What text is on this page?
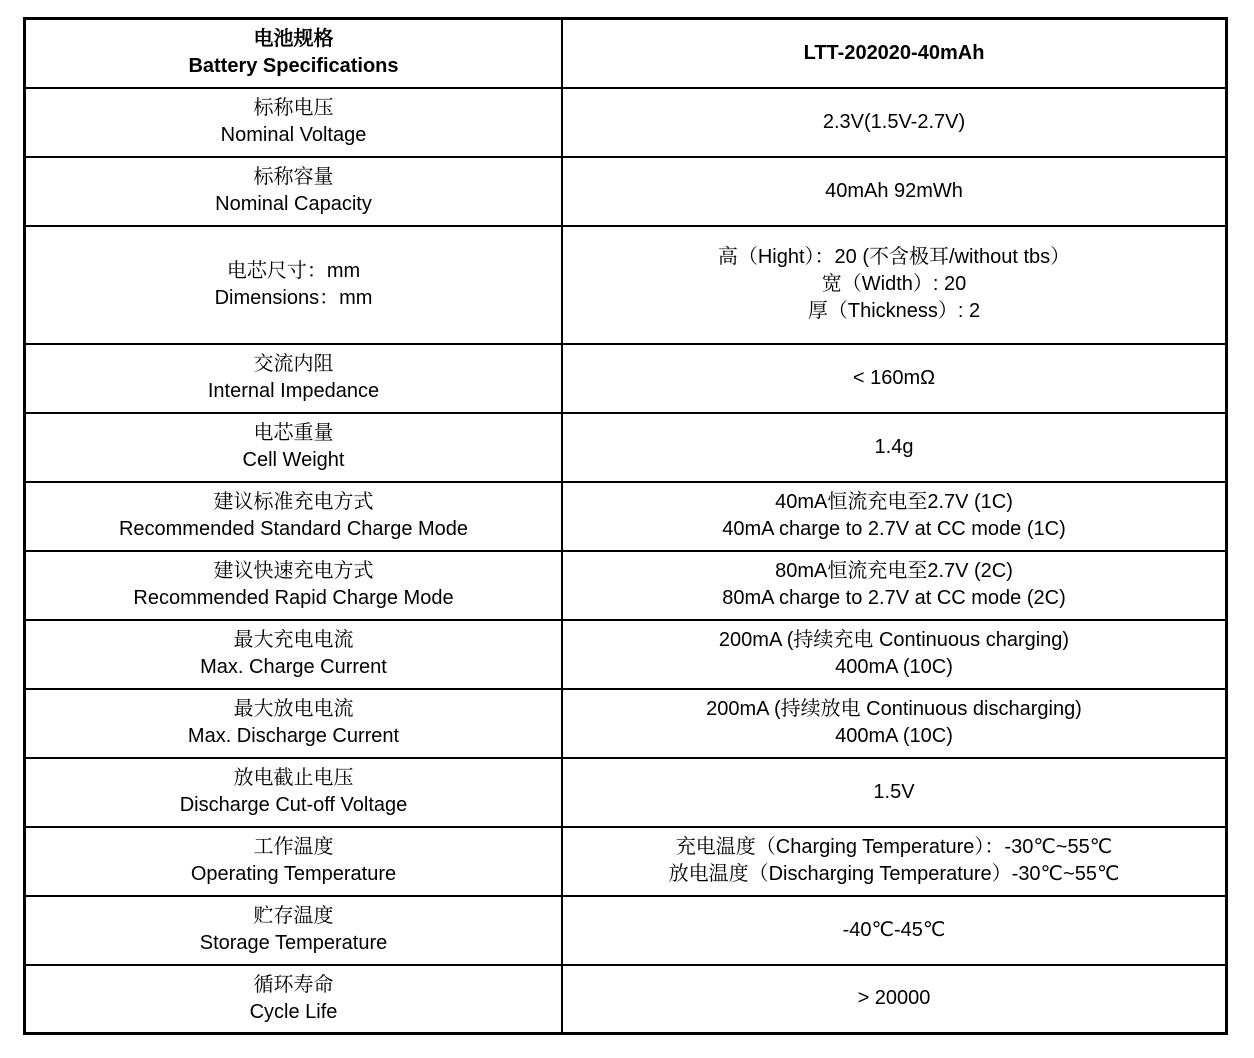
电池规格
Battery Specifications	LTT-202020-40mAh

标称电压
Nominal Voltage	2.3V(1.5V-2.7V)

标称容量
Nominal Capacity	40mAh 92mWh

电芯尺寸：mm
Dimensions：mm	高（Hight）：20 (不含极耳/without tbs）
宽（Width）: 20
厚（Thickness）: 2

交流内阻
Internal Impedance	< 160mΩ

电芯重量
Cell Weight	1.4g

建议标准充电方式
Recommended Standard Charge Mode	40mA恒流充电至2.7V (1C)
40mA charge to 2.7V at CC mode (1C)

建议快速充电方式
Recommended Rapid Charge Mode	80mA恒流充电至2.7V (2C)
80mA charge to 2.7V at CC mode (2C)

最大充电电流
Max. Charge Current	200mA (持续充电 Continuous charging)
400mA (10C)

最大放电电流
Max. Discharge Current	200mA (持续放电 Continuous discharging)
400mA (10C)

放电截止电压
Discharge Cut-off Voltage	1.5V

工作温度
Operating Temperature	充电温度（Charging Temperature）：-30℃~55℃
放电温度（Discharging Temperature）-30℃~55℃

贮存温度
Storage Temperature	-40℃-45℃

循环寿命
Cycle Life	> 20000
